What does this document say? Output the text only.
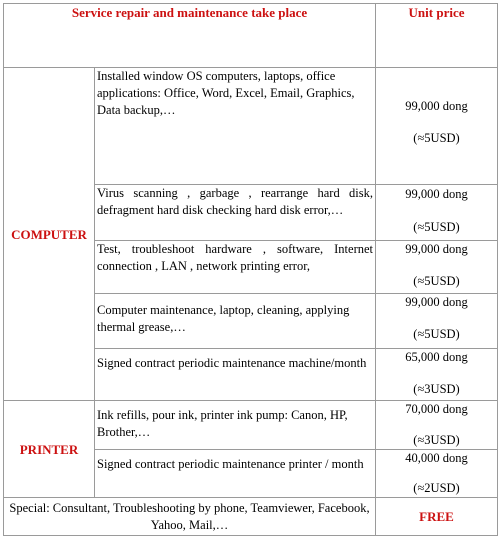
Service repair and maintenance take place		Unit price
COMPUTER	Installed window OS computers, laptops, office applications: Office, Word, Excel, Email, Graphics, Data backup,…	99,000 dong
(≈5USD)

	Virus scanning , garbage , rearrange hard disk, defragment hard disk checking hard disk error,…	99,000 dong
(≈5USD)

	Test, troubleshoot hardware , software, Internet connection , LAN , network printing error,	99,000 dong
(≈5USD)

	Computer maintenance, laptop, cleaning, applying thermal grease,…	99,000 dong
(≈5USD)

	Signed contract periodic maintenance machine/month	65,000 dong
(≈3USD)

PRINTER	Ink refills, pour ink, printer ink pump: Canon, HP, Brother,…	70,000 dong
(≈3USD)

	Signed contract periodic maintenance printer / month	40,000 dong
(≈2USD)

Special: Consultant, Troubleshooting by phone, Teamviewer, Facebook, Yahoo, Mail,…		FREE
